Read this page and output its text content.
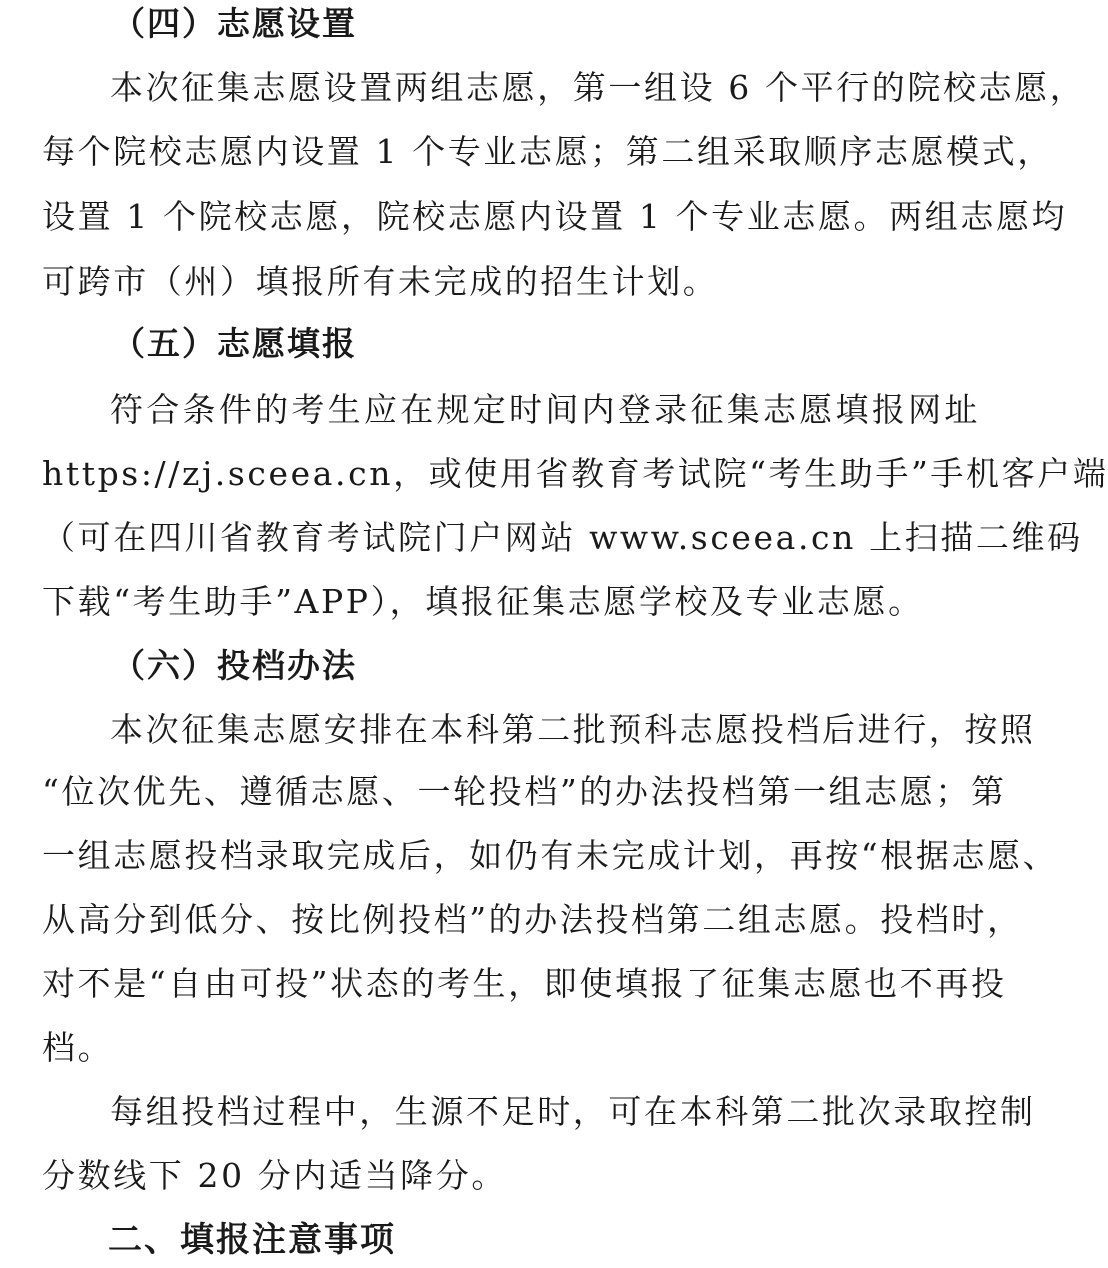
（四）志愿设置
本次征集志愿设置两组志愿，第一组设 6 个平行的院校志愿，
每个院校志愿内设置 1 个专业志愿；第二组采取顺序志愿模式，
设置 1 个院校志愿，院校志愿内设置 1 个专业志愿。两组志愿均
可跨市（州）填报所有未完成的招生计划。
（五）志愿填报
符合条件的考生应在规定时间内登录征集志愿填报网址
https://zj.sceea.cn，或使用省教育考试院“考生助手”手机客户端
（可在四川省教育考试院门户网站 www.sceea.cn 上扫描二维码
下载“考生助手”APP），填报征集志愿学校及专业志愿。
（六）投档办法
本次征集志愿安排在本科第二批预科志愿投档后进行，按照
“位次优先、遵循志愿、一轮投档”的办法投档第一组志愿；第
一组志愿投档录取完成后，如仍有未完成计划，再按“根据志愿、
从高分到低分、按比例投档”的办法投档第二组志愿。投档时，
对不是“自由可投”状态的考生，即使填报了征集志愿也不再投
档。
每组投档过程中，生源不足时，可在本科第二批次录取控制
分数线下 20 分内适当降分。
二、填报注意事项
